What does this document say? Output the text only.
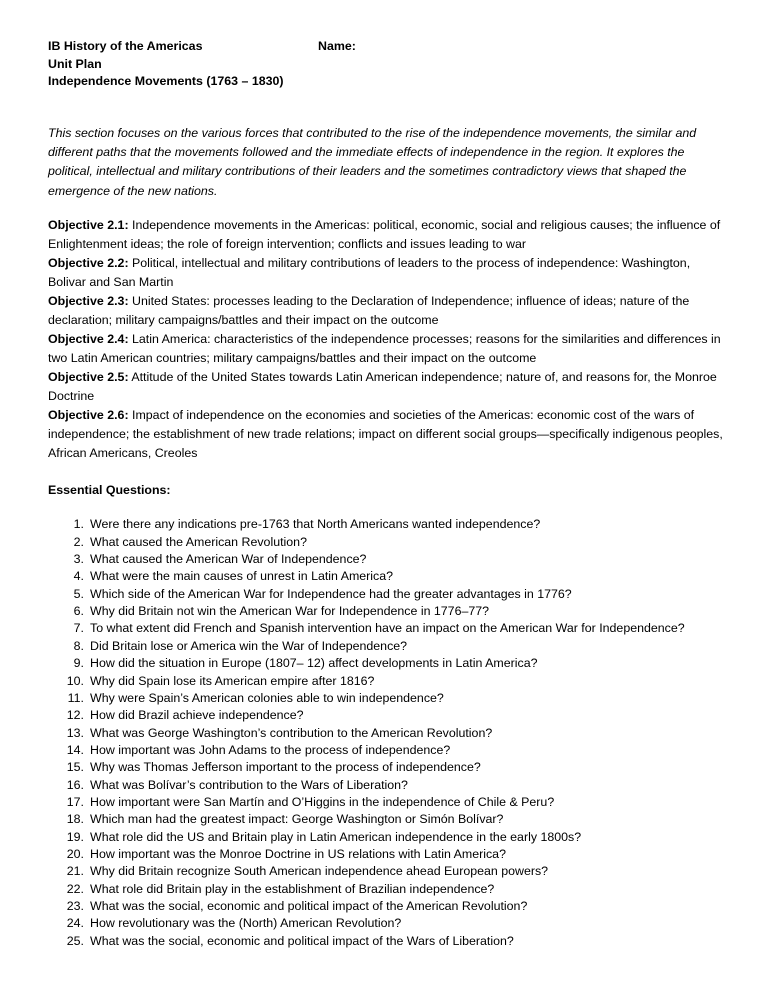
IB History of the Americas
Unit Plan
Independence Movements (1763 – 1830)
Name:

This section focuses on the various forces that contributed to the rise of the independence movements, the similar and different paths that the movements followed and the immediate effects of independence in the region. It explores the political, intellectual and military contributions of their leaders and the sometimes contradictory views that shaped the emergence of the new nations.

Objective 2.1: Independence movements in the Americas: political, economic, social and religious causes; the influence of Enlightenment ideas; the role of foreign intervention; conflicts and issues leading to war

Objective 2.2: Political, intellectual and military contributions of leaders to the process of independence: Washington, Bolivar and San Martin

Objective 2.3: United States: processes leading to the Declaration of Independence; influence of ideas; nature of the declaration; military campaigns/battles and their impact on the outcome

Objective 2.4: Latin America: characteristics of the independence processes; reasons for the similarities and differences in two Latin American countries; military campaigns/battles and their impact on the outcome

Objective 2.5: Attitude of the United States towards Latin American independence; nature of, and reasons for, the Monroe Doctrine

Objective 2.6: Impact of independence on the economies and societies of the Americas: economic cost of the wars of independence; the establishment of new trade relations; impact on different social groups—specifically indigenous peoples, African Americans, Creoles

Essential Questions:
1 . Were there any indications pre-1763 that North Americans wanted independence?
2 . What caused the American Revolution?
3 . What caused the American War of Independence?
4 . What were the main causes of unrest in Latin America?
5 . Which side of the American War for Independence had the greater advantages in 1776?
6 . Why did Britain not win the American War for Independence in 1776–77?
7 . To what extent did French and Spanish intervention have an impact on the American War for Independence?
8 . Did Britain lose or America win the War of Independence?
9 . How did the situation in Europe (1807– 12) affect developments in Latin America?
10 . Why did Spain lose its American empire after 1816?
11 . Why were Spain’s American colonies able to win independence?
12 . How did Brazil achieve independence?
13 . What was George Washington’s contribution to the American Revolution?
14 . How important was John Adams to the process of independence?
15 . Why was Thomas Jefferson important to the process of independence?
16 . What was Bolívar’s contribution to the Wars of Liberation?
17 . How important were San Martín and O’Higgins in the independence of Chile & Peru?
18 . Which man had the greatest impact: George Washington or Simón Bolívar?
19 . What role did the US and Britain play in Latin American independence in the early 1800s?
20 . How important was the Monroe Doctrine in US relations with Latin America?
21 . Why did Britain recognize South American independence ahead European powers?
22 . What role did Britain play in the establishment of Brazilian independence?
23 . What was the social, economic and political impact of the American Revolution?
24 . How revolutionary was the (North) American Revolution?
25 . What was the social, economic and political impact of the Wars of Liberation?
